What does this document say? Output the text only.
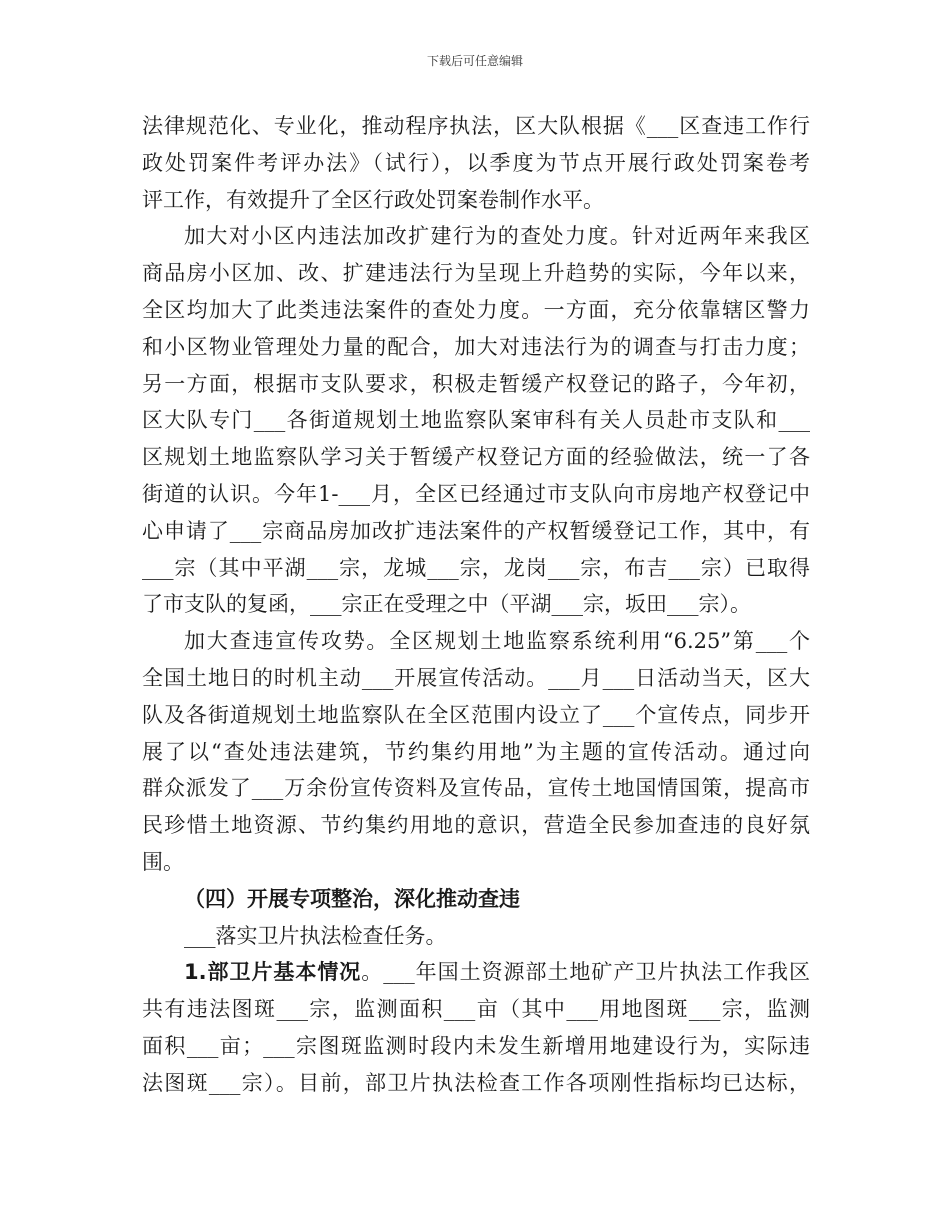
下载后可任意编辑
法律规范化、专业化，推动程序执法，区大队根据《___区查违工作行
政处罚案件考评办法》（试行），以季度为节点开展行政处罚案卷考
评工作，有效提升了全区行政处罚案卷制作水平。
加大对小区内违法加改扩建行为的查处力度。针对近两年来我区
商品房小区加、改、扩建违法行为呈现上升趋势的实际，今年以来，
全区均加大了此类违法案件的查处力度。一方面，充分依靠辖区警力
和小区物业管理处力量的配合，加大对违法行为的调查与打击力度；
另一方面，根据市支队要求，积极走暂缓产权登记的路子，今年初，
区大队专门___各街道规划土地监察队案审科有关人员赴市支队和___
区规划土地监察队学习关于暂缓产权登记方面的经验做法，统一了各
街道的认识。今年1-___月，全区已经通过市支队向市房地产权登记中
心申请了___宗商品房加改扩违法案件的产权暂缓登记工作，其中，有
___宗（其中平湖___宗，龙城___宗，龙岗___宗，布吉___宗）已取得
了市支队的复函，___宗正在受理之中（平湖___宗，坂田___宗）。
加大查违宣传攻势。全区规划土地监察系统利用“6.25”第___个
全国土地日的时机主动___开展宣传活动。___月___日活动当天，区大
队及各街道规划土地监察队在全区范围内设立了___个宣传点，同步开
展了以“查处违法建筑，节约集约用地”为主题的宣传活动。通过向
群众派发了___万余份宣传资料及宣传品，宣传土地国情国策，提高市
民珍惜土地资源、节约集约用地的意识，营造全民参加查违的良好氛
围。
（四）开展专项整治，深化推动查违
___落实卫片执法检查任务。
1.部卫片基本情况。___年国土资源部土地矿产卫片执法工作我区
共有违法图斑___宗，监测面积___亩（其中___用地图斑___宗，监测
面积___亩；___宗图斑监测时段内未发生新增用地建设行为，实际违
法图斑___宗）。目前，部卫片执法检查工作各项刚性指标均已达标，
